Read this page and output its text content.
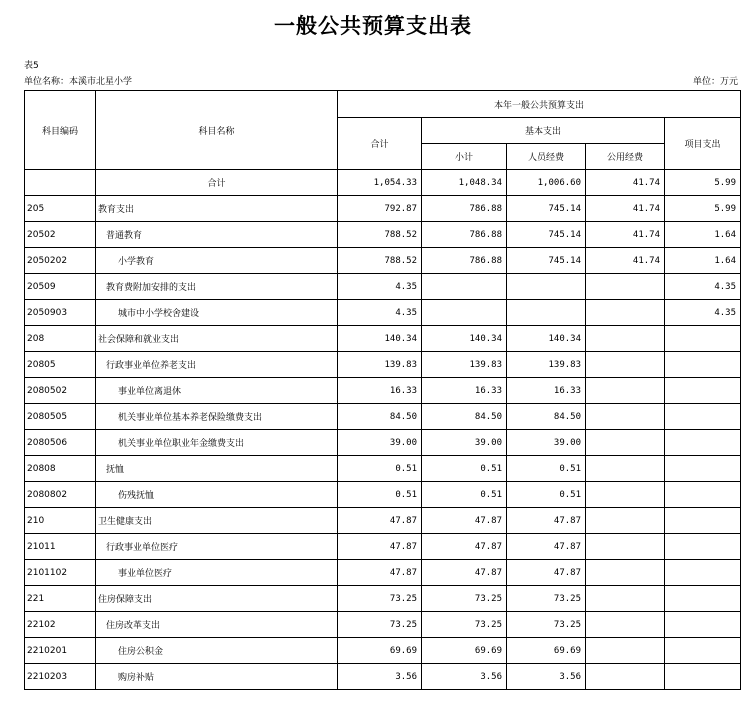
一般公共预算支出表
表5
单位名称：本溪市北星小学	单位：万元
科目编码	科目名称	本年一般公共预算支出				
		合计	基本支出			项目支出
			小计	人员经费	公用经费	
	合计	1,054.33	1,048.34	1,006.60	41.74	5.99
205	教育支出	792.87	786.88	745.14	41.74	5.99
20502	普通教育	788.52	786.88	745.14	41.74	1.64
2050202	小学教育	788.52	786.88	745.14	41.74	1.64
20509	教育费附加安排的支出	4.35				4.35
2050903	城市中小学校舍建设	4.35				4.35
208	社会保障和就业支出	140.34	140.34	140.34		
20805	行政事业单位养老支出	139.83	139.83	139.83		
2080502	事业单位离退休	16.33	16.33	16.33		
2080505	机关事业单位基本养老保险缴费支出	84.50	84.50	84.50		
2080506	机关事业单位职业年金缴费支出	39.00	39.00	39.00		
20808	抚恤	0.51	0.51	0.51		
2080802	伤残抚恤	0.51	0.51	0.51		
210	卫生健康支出	47.87	47.87	47.87		
21011	行政事业单位医疗	47.87	47.87	47.87		
2101102	事业单位医疗	47.87	47.87	47.87		
221	住房保障支出	73.25	73.25	73.25		
22102	住房改革支出	73.25	73.25	73.25		
2210201	住房公积金	69.69	69.69	69.69		
2210203	购房补贴	3.56	3.56	3.56		
